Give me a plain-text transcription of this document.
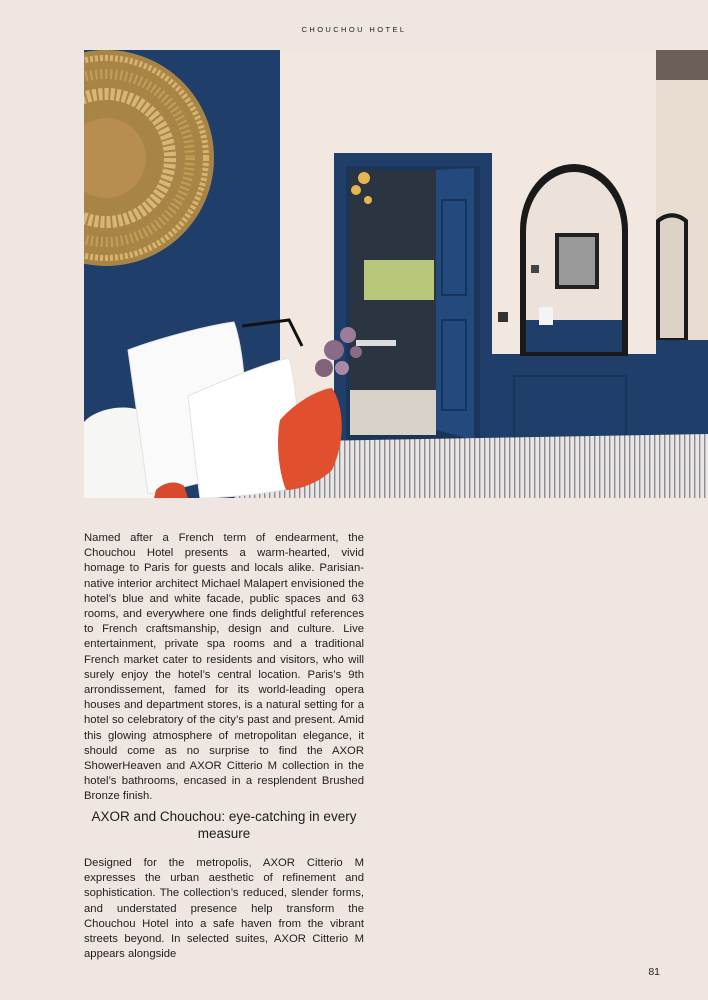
CHOUCHOU HOTEL

Named after a French term of endearment, the Chouchou Hotel presents a warm-hearted, vivid homage to Paris for guests and locals alike. Parisian-native interior architect Michael Malapert envisioned the hotel’s blue and white facade, public spaces and 63 rooms, and everywhere one finds delightful references to French craftsmanship, design and culture. Live entertainment, private spa rooms and a traditional French market cater to residents and visitors, who will surely enjoy the hotel’s central location. Paris’s 9th arrondissement, famed for its world-leading opera houses and department stores, is a natural setting for a hotel so celebratory of the city’s past and present. Amid this glowing atmosphere of metropolitan elegance, it should come as no surprise to find the AXOR ShowerHeaven and AXOR Citterio M collection in the hotel’s bathrooms, encased in a resplendent Brushed Bronze finish.

AXOR and Chouchou: eye-catching in every measure

Designed for the metropolis, AXOR Citterio M expresses the urban aesthetic of refinement and sophistication. The collection’s reduced, slender forms, and understated presence help transform the Chouchou Hotel into a safe haven from the vibrant streets beyond. In selected suites, AXOR Citterio M appears alongside

81
